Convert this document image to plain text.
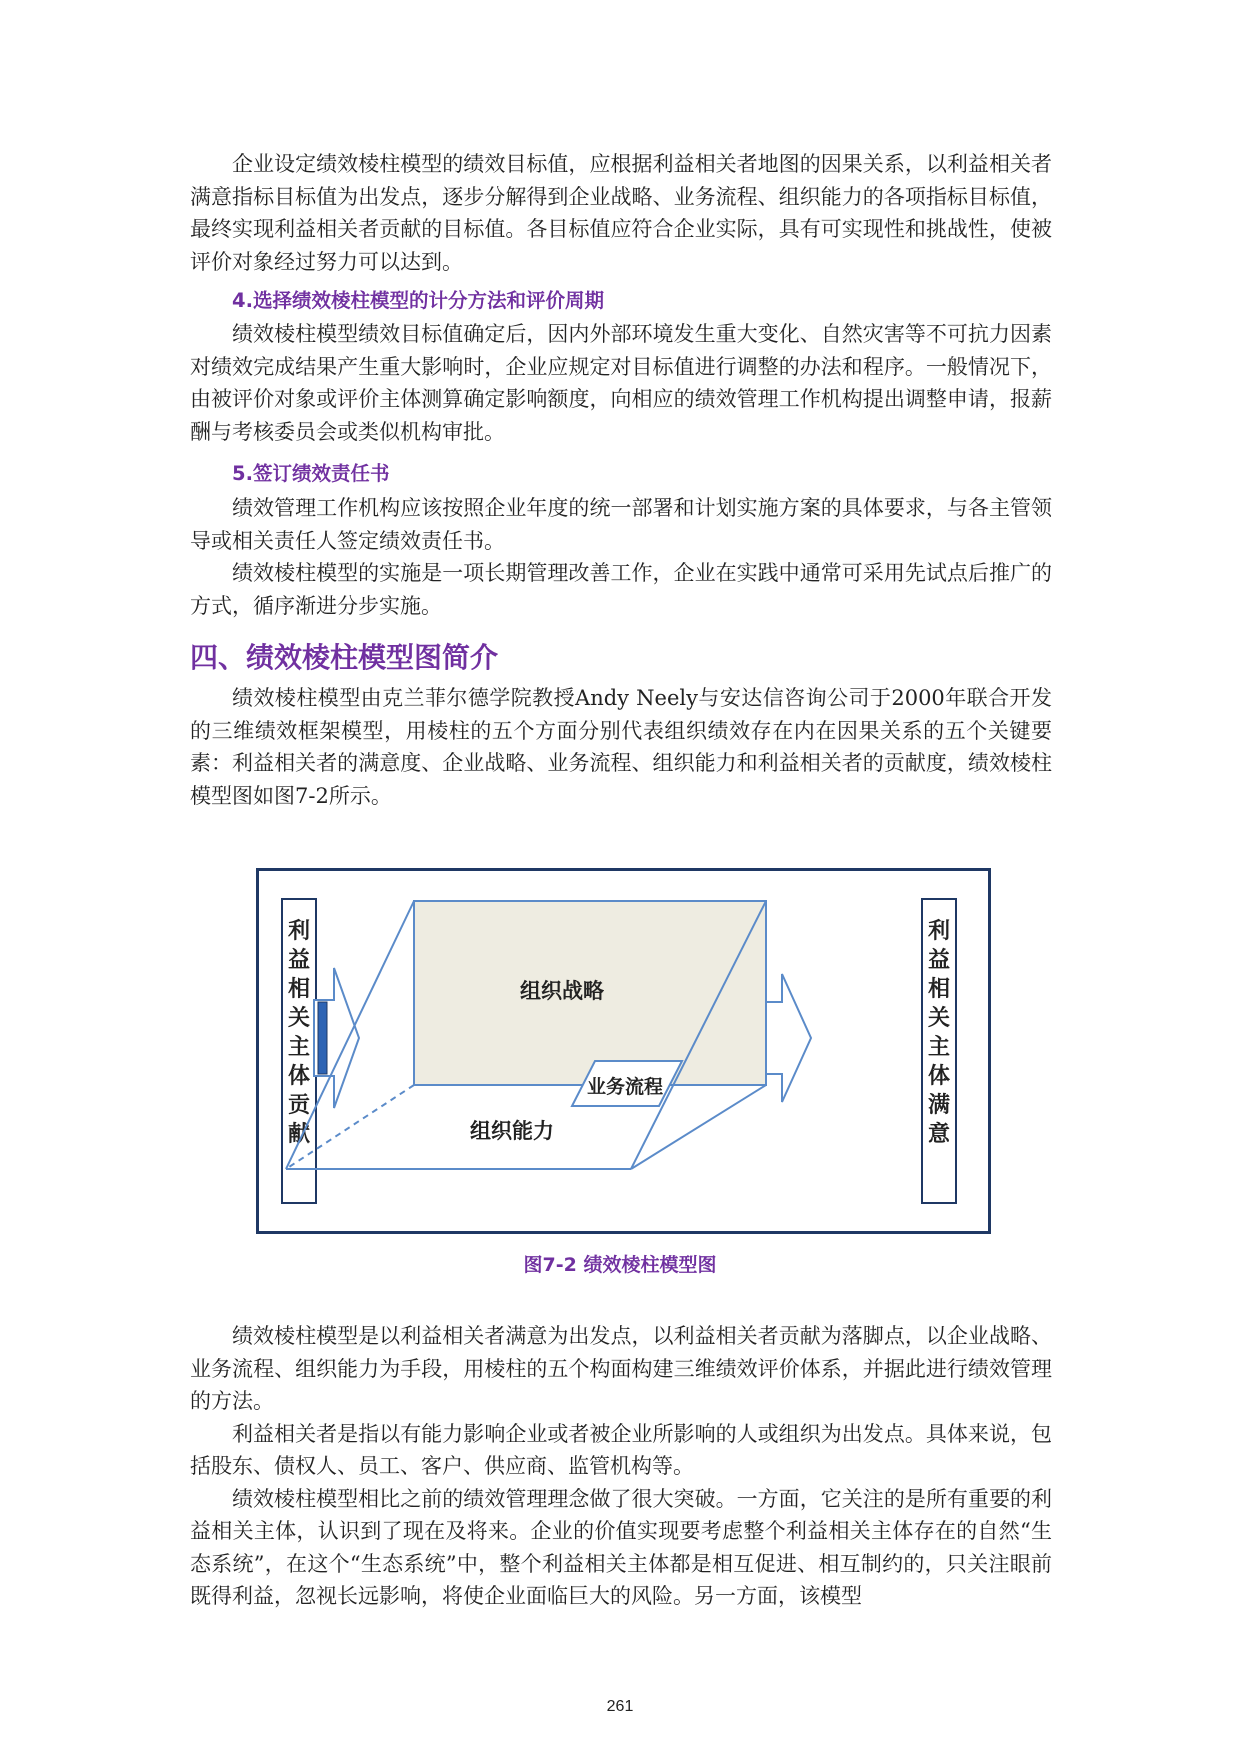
企业设定绩效棱柱模型的绩效目标值，应根据利益相关者地图的因果关系，以利益相关者满意指标目标值为出发点，逐步分解得到企业战略、业务流程、组织能力的各项指标目标值，最终实现利益相关者贡献的目标值。各目标值应符合企业实际，具有可实现性和挑战性，使被评价对象经过努力可以达到。

4.选择绩效棱柱模型的计分方法和评价周期

绩效棱柱模型绩效目标值确定后，因内外部环境发生重大变化、自然灾害等不可抗力因素对绩效完成结果产生重大影响时，企业应规定对目标值进行调整的办法和程序。一般情况下，由被评价对象或评价主体测算确定影响额度，向相应的绩效管理工作机构提出调整申请，报薪酬与考核委员会或类似机构审批。

5.签订绩效责任书

绩效管理工作机构应该按照企业年度的统一部署和计划实施方案的具体要求，与各主管领导或相关责任人签定绩效责任书。

绩效棱柱模型的实施是一项长期管理改善工作，企业在实践中通常可采用先试点后推广的方式，循序渐进分步实施。

四、绩效棱柱模型图简介

绩效棱柱模型由克兰菲尔德学院教授Andy Neely与安达信咨询公司于2000年联合开发的三维绩效框架模型，用棱柱的五个方面分别代表组织绩效存在内在因果关系的五个关键要素：利益相关者的满意度、企业战略、业务流程、组织能力和利益相关者的贡献度，绩效棱柱模型图如图7-2所示。

利
益
相
关
主
体
贡
献
利
益
相
关
主
体
满
意
组织战略
业务流程
组织能力
图7-2 绩效棱柱模型图

绩效棱柱模型是以利益相关者满意为出发点，以利益相关者贡献为落脚点，以企业战略、业务流程、组织能力为手段，用棱柱的五个构面构建三维绩效评价体系，并据此进行绩效管理的方法。

利益相关者是指以有能力影响企业或者被企业所影响的人或组织为出发点。具体来说，包括股东、债权人、员工、客户、供应商、监管机构等。

绩效棱柱模型相比之前的绩效管理理念做了很大突破。一方面，它关注的是所有重要的利益相关主体，认识到了现在及将来。企业的价值实现要考虑整个利益相关主体存在的自然“生态系统”，在这个“生态系统”中，整个利益相关主体都是相互促进、相互制约的，只关注眼前既得利益，忽视长远影响，将使企业面临巨大的风险。另一方面，该模型

261
